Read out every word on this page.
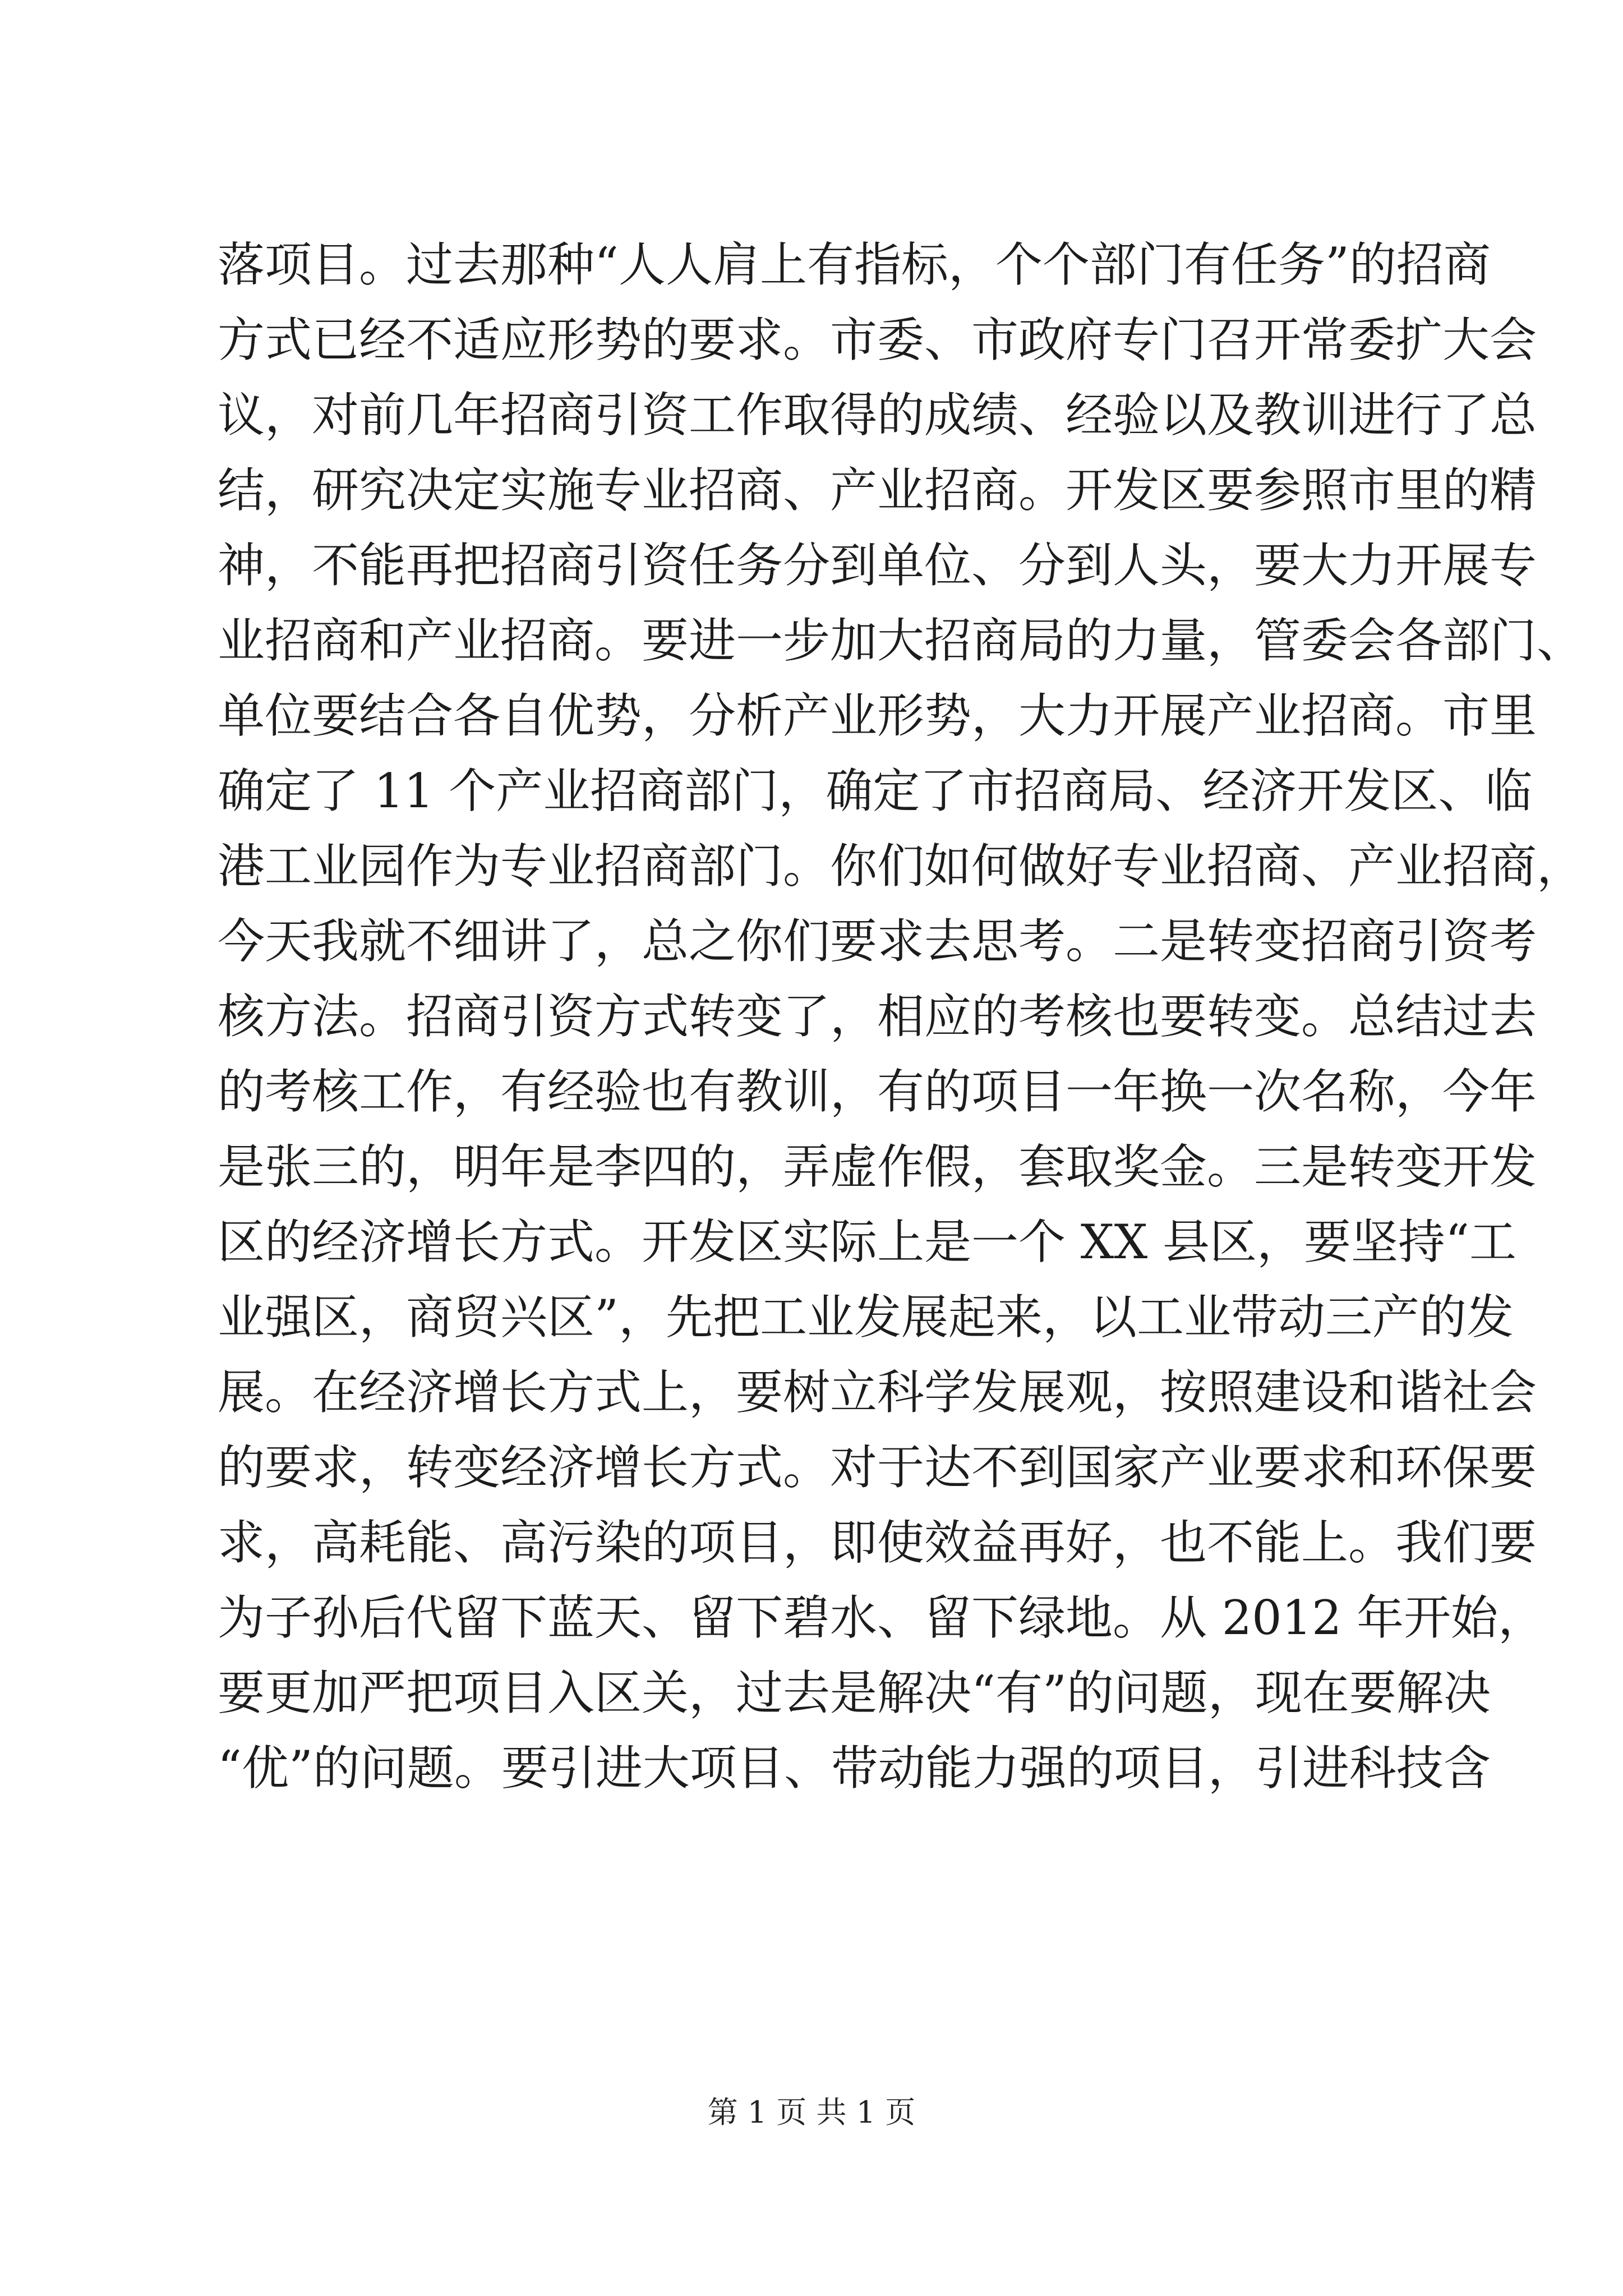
落项目。过去那种“人人肩上有指标，个个部门有任务”的招商
方式已经不适应形势的要求。市委、市政府专门召开常委扩大会
议，对前几年招商引资工作取得的成绩、经验以及教训进行了总
结，研究决定实施专业招商、产业招商。开发区要参照市里的精
神，不能再把招商引资任务分到单位、分到人头，要大力开展专
业招商和产业招商。要进一步加大招商局的力量，管委会各部门、
单位要结合各自优势，分析产业形势，大力开展产业招商。市里
确定了 11 个产业招商部门，确定了市招商局、经济开发区、临
港工业园作为专业招商部门。你们如何做好专业招商、产业招商，
今天我就不细讲了，总之你们要求去思考。二是转变招商引资考
核方法。招商引资方式转变了，相应的考核也要转变。总结过去
的考核工作，有经验也有教训，有的项目一年换一次名称，今年
是张三的，明年是李四的，弄虚作假，套取奖金。三是转变开发
区的经济增长方式。开发区实际上是一个 XX 县区，要坚持“工
业强区，商贸兴区”，先把工业发展起来，以工业带动三产的发
展。在经济增长方式上，要树立科学发展观，按照建设和谐社会
的要求，转变经济增长方式。对于达不到国家产业要求和环保要
求，高耗能、高污染的项目，即使效益再好，也不能上。我们要
为子孙后代留下蓝天、留下碧水、留下绿地。从 2012 年开始，
要更加严把项目入区关，过去是解决“有”的问题，现在要解决
“优”的问题。要引进大项目、带动能力强的项目，引进科技含
第 1 页 共 1 页
